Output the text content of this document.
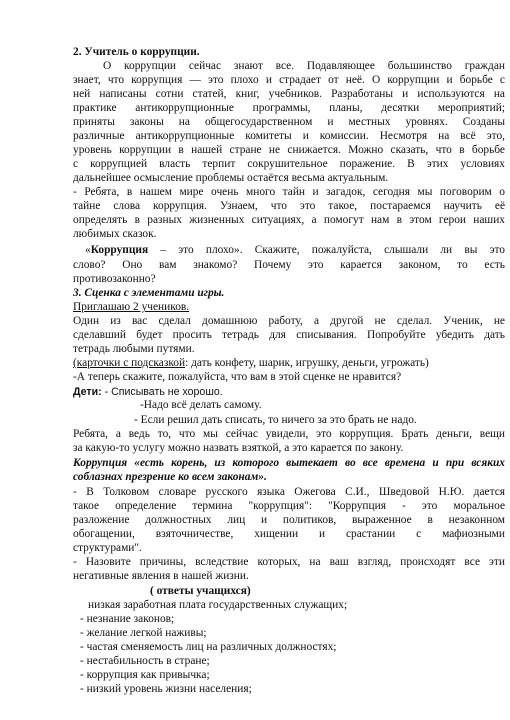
2. Учитель о коррупции.
О коррупции сейчас знают все. Подавляющее большинство граждан
знает, что коррупция — это плохо и страдает от неё. О коррупции и борьбе с
ней написаны сотни статей, книг, учебников. Разработаны и используются на
практике антикоррупционные программы, планы, десятки мероприятий;
приняты законы на общегосударственном и местных уровнях. Созданы
различные антикоррупционные комитеты и комиссии. Несмотря на всё это,
уровень коррупции в нашей стране не снижается. Можно сказать, что в борьбе
с коррупцией власть терпит сокрушительное поражение. В этих условиях
дальнейшее осмысление проблемы остаётся весьма актуальным.
- Ребята, в нашем мире очень много тайн и загадок, сегодня мы поговорим о
тайне слова коррупция. Узнаем, что это такое, постараемся научить её
определять в разных жизненных ситуациях, а помогут нам в этом герои наших
любимых сказок.
«Коррупция – это плохо». Скажите, пожалуйста, слышали ли вы это
слово? Оно вам знакомо? Почему это карается законом, то есть
противозаконно?
3. Сценка с элементами игры.
Приглашаю 2 учеников.
Один из вас сделал домашнюю работу, а другой не сделал. Ученик, не
сделавший будет просить тетрадь для списывания. Попробуйте убедить дать
тетрадь любыми путями.
(карточки с подсказкой: дать конфету, шарик, игрушку, деньги, угрожать)
-А теперь скажите, пожалуйста, что вам в этой сценке не нравится?
Дети: - Списывать не хорошо.
-Надо всё делать самому.
- Если решил дать списать, то ничего за это брать не надо.
Ребята, а ведь то, что мы сейчас увидели, это коррупция. Брать деньги, вещи
за какую-то услугу можно назвать взяткой, а это карается по закону.
Коррупция «есть корень, из которого вытекает во все времена и при всяких
соблазнах презрение ко всем законам».
- В Толковом словаре русского языка Ожегова С.И., Шведовой Н.Ю. дается
такое определение термина "коррупция": "Коррупция - это моральное
разложение должностных лиц и политиков, выраженное в незаконном
обогащении, взяточничестве, хищении и срастании с мафиозными
структурами".
- Назовите причины, вследствие которых, на ваш взгляд, происходят все эти
негативные явления в нашей жизни.
( ответы учащихся)
низкая заработная плата государственных служащих;
- незнание законов;
- желание легкой наживы;
- частая сменяемость лиц на различных должностях;
- нестабильность в стране;
- коррупция как привычка;
- низкий уровень жизни населения;
